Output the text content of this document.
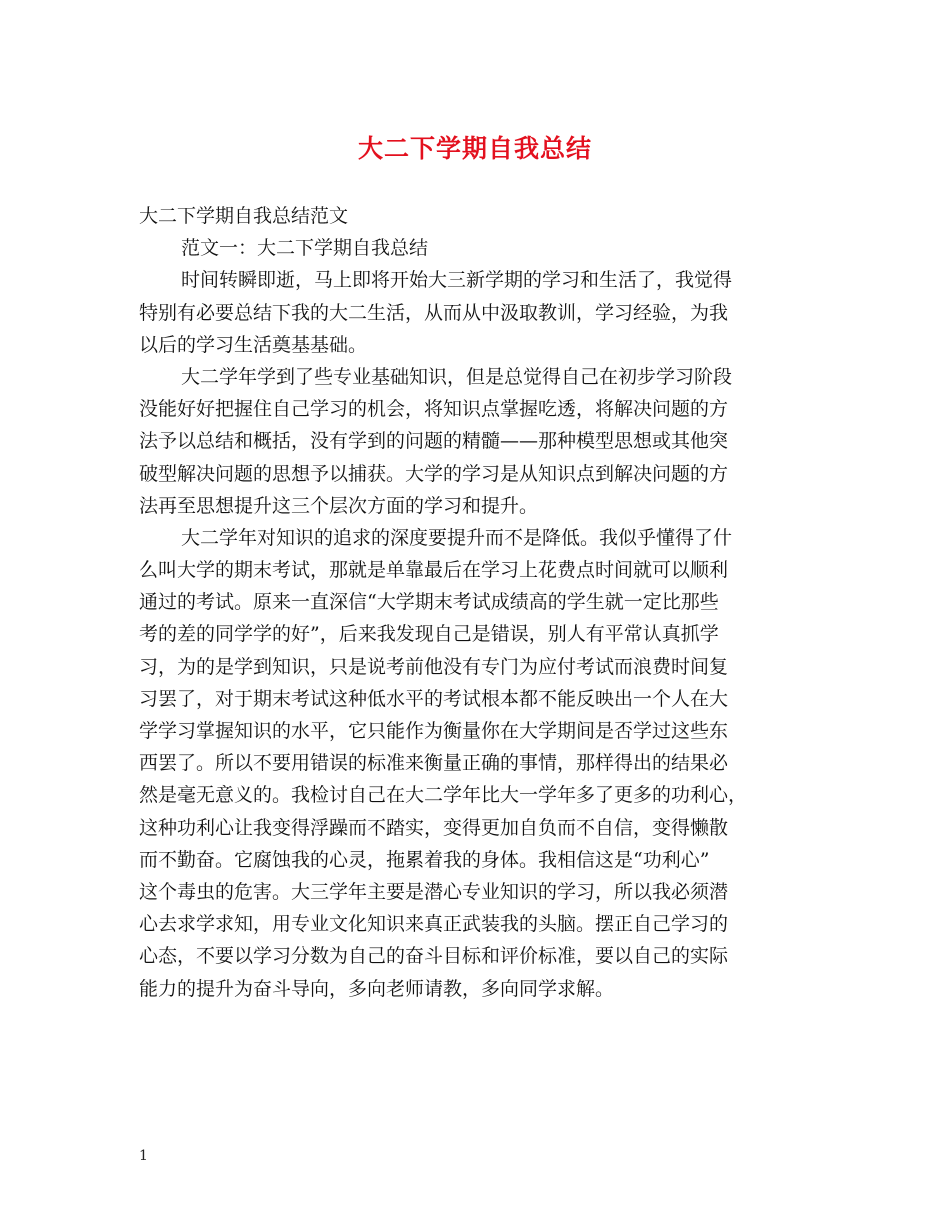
大二下学期自我总结
大二下学期自我总结范文
范文一：大二下学期自我总结
时间转瞬即逝，马上即将开始大三新学期的学习和生活了，我觉得
特别有必要总结下我的大二生活，从而从中汲取教训，学习经验，为我
以后的学习生活奠基基础。
大二学年学到了些专业基础知识，但是总觉得自己在初步学习阶段
没能好好把握住自己学习的机会，将知识点掌握吃透，将解决问题的方
法予以总结和概括，没有学到的问题的精髓——那种模型思想或其他突
破型解决问题的思想予以捕获。大学的学习是从知识点到解决问题的方
法再至思想提升这三个层次方面的学习和提升。
大二学年对知识的追求的深度要提升而不是降低。我似乎懂得了什
么叫大学的期末考试，那就是单靠最后在学习上花费点时间就可以顺利
通过的考试。原来一直深信“大学期末考试成绩高的学生就一定比那些
考的差的同学学的好”，后来我发现自己是错误，别人有平常认真抓学
习，为的是学到知识，只是说考前他没有专门为应付考试而浪费时间复
习罢了，对于期末考试这种低水平的考试根本都不能反映出一个人在大
学学习掌握知识的水平，它只能作为衡量你在大学期间是否学过这些东
西罢了。所以不要用错误的标准来衡量正确的事情，那样得出的结果必
然是毫无意义的。我检讨自己在大二学年比大一学年多了更多的功利心，
这种功利心让我变得浮躁而不踏实，变得更加自负而不自信，变得懒散
而不勤奋。它腐蚀我的心灵，拖累着我的身体。我相信这是“功利心”
这个毒虫的危害。大三学年主要是潜心专业知识的学习，所以我必须潜
心去求学求知，用专业文化知识来真正武装我的头脑。摆正自己学习的
心态，不要以学习分数为自己的奋斗目标和评价标准，要以自己的实际
能力的提升为奋斗导向，多向老师请教，多向同学求解。
1
